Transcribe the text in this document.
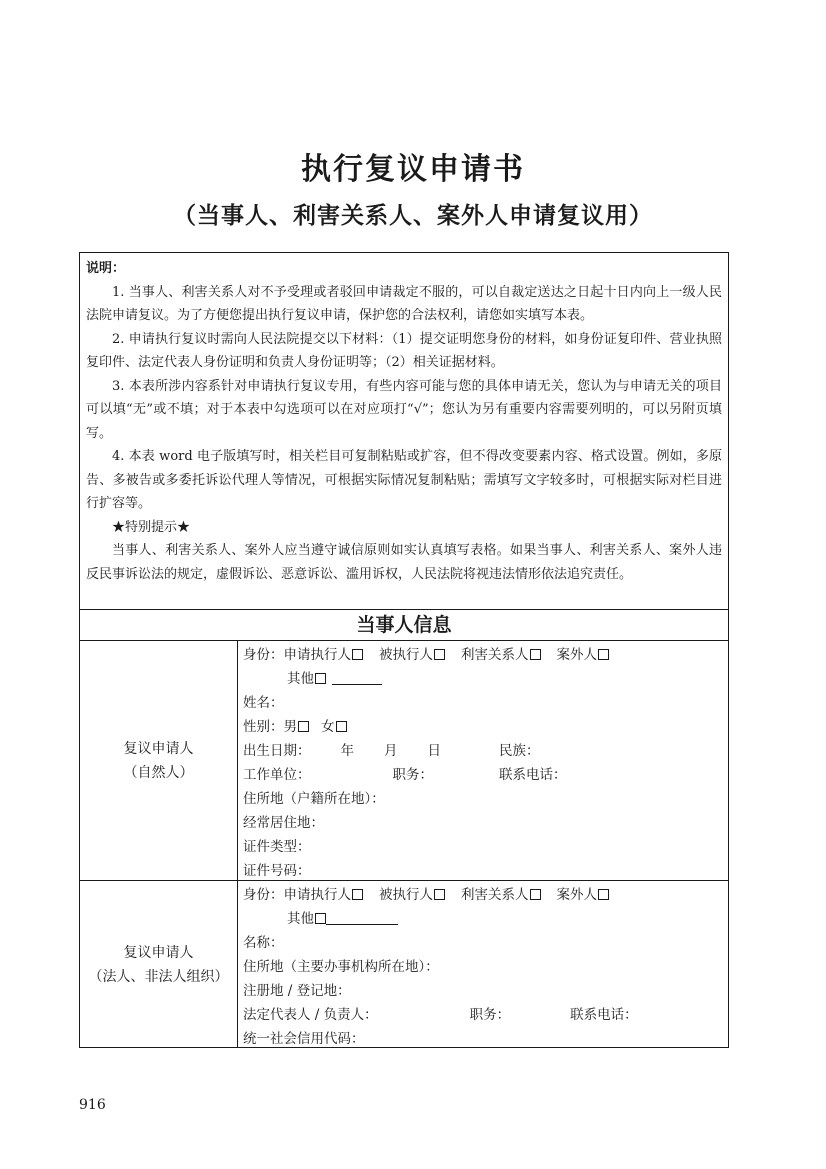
执行复议申请书
（当事人、利害关系人、案外人申请复议用）

说明：

1. 当事人、利害关系人对不予受理或者驳回申请裁定不服的，可以自裁定送达之日起十日内向上一级人民法院申请复议。为了方便您提出执行复议申请，保护您的合法权利，请您如实填写本表。

2. 申请执行复议时需向人民法院提交以下材料：（1）提交证明您身份的材料，如身份证复印件、营业执照复印件、法定代表人身份证明和负责人身份证明等；（2）相关证据材料。

3. 本表所涉内容系针对申请执行复议专用，有些内容可能与您的具体申请无关，您认为与申请无关的项目可以填“无”或不填；对于本表中勾选项可以在对应项打“√”；您认为另有重要内容需要列明的，可以另附页填写。

4. 本表 word 电子版填写时，相关栏目可复制粘贴或扩容，但不得改变要素内容、格式设置。例如，多原告、多被告或多委托诉讼代理人等情况，可根据实际情况复制粘贴；需填写文字较多时，可根据实际对栏目进行扩容等。

★特别提示★

当事人、利害关系人、案外人应当遵守诚信原则如实认真填写表格。如果当事人、利害关系人、案外人违反民事诉讼法的规定，虚假诉讼、恶意诉讼、滥用诉权，人民法院将视违法情形依法追究责任。

当事人信息
复议申请人
（自然人）
身份：申请执行人 被执行人 利害关系人 案外人
其他
姓名：
性别：男 女
出生日期： 年 月 日	民族：
工作单位：	职务：	联系电话：
住所地（户籍所在地）：
经常居住地：
证件类型：
证件号码：
复议申请人
（法人、非法人组织）
身份：申请执行人 被执行人 利害关系人 案外人
其他
名称：
住所地（主要办事机构所在地）：
注册地 / 登记地：
法定代表人 / 负责人：	职务：	联系电话：
统一社会信用代码：
916
